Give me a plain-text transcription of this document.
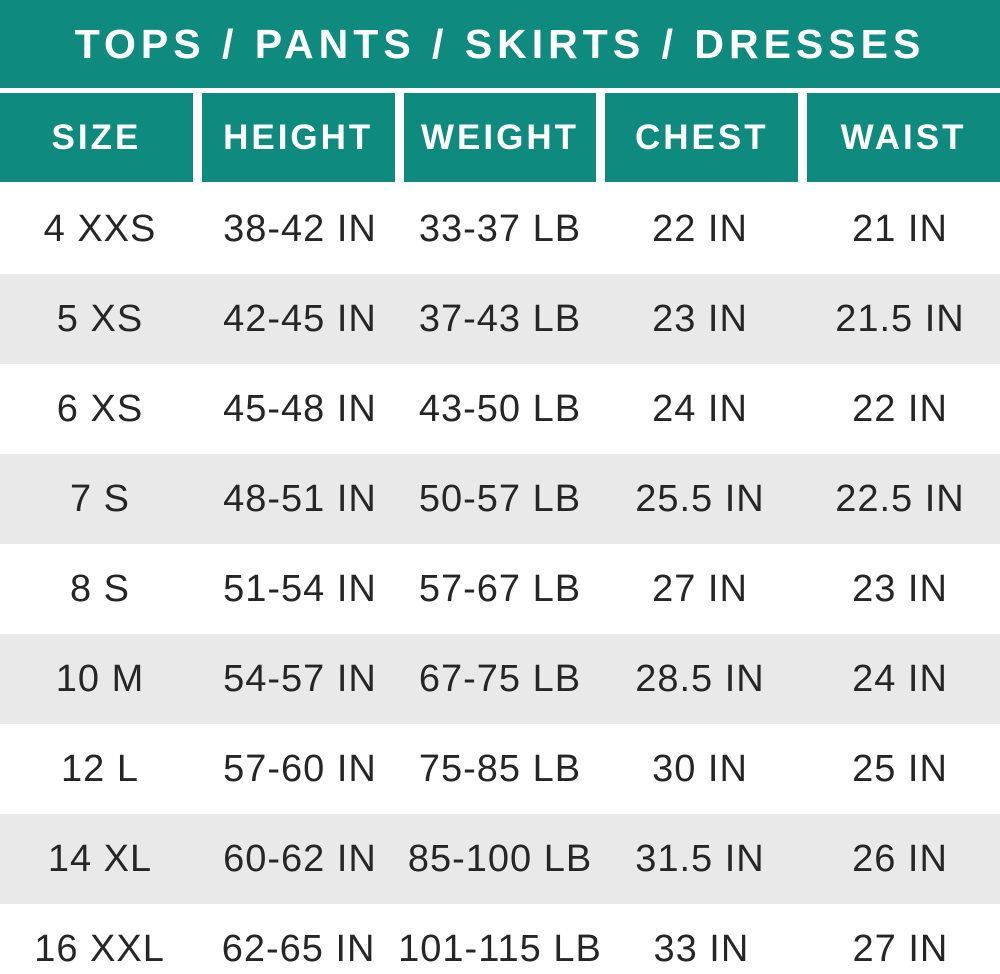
TOPS / PANTS / SKIRTS / DRESSES
SIZE	HEIGHT	WEIGHT	CHEST	WAIST
4 XXS	38-42 IN	33-37 LB	22 IN	21 IN
5 XS	42-45 IN	37-43 LB	23 IN	21.5 IN
6 XS	45-48 IN	43-50 LB	24 IN	22 IN
7 S	48-51 IN	50-57 LB	25.5 IN	22.5 IN
8 S	51-54 IN	57-67 LB	27 IN	23 IN
10 M	54-57 IN	67-75 LB	28.5 IN	24 IN
12 L	57-60 IN	75-85 LB	30 IN	25 IN
14 XL	60-62 IN 85-100 LB	31.5 IN	26 IN
16 XXL	62-65 IN 101-115 LB	33 IN	27 IN
